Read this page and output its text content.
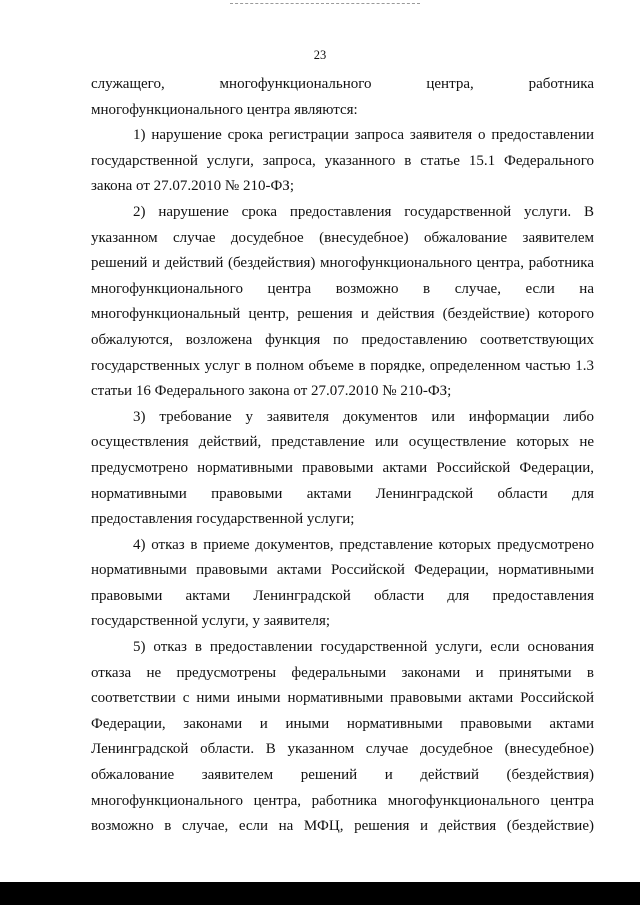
23

служащего, многофункционального центра, работника многофункционального центра являются:

1) нарушение срока регистрации запроса заявителя о предоставлении государственной услуги, запроса, указанного в статье 15.1 Федерального закона от 27.07.2010 № 210-ФЗ;

2) нарушение срока предоставления государственной услуги. В указанном случае досудебное (внесудебное) обжалование заявителем решений и действий (бездействия) многофункционального центра, работника многофункционального центра возможно в случае, если на многофункциональный центр, решения и действия (бездействие) которого обжалуются, возложена функция по предоставлению соответствующих государственных услуг в полном объеме в порядке, определенном частью 1.3 статьи 16 Федерального закона от 27.07.2010 № 210-ФЗ;

3) требование у заявителя документов или информации либо осуществления действий, представление или осуществление которых не предусмотрено нормативными правовыми актами Российской Федерации, нормативными правовыми актами Ленинградской области для предоставления государственной услуги;

4) отказ в приеме документов, представление которых предусмотрено нормативными правовыми актами Российской Федерации, нормативными правовыми актами Ленинградской области для предоставления государственной услуги, у заявителя;

5) отказ в предоставлении государственной услуги, если основания отказа не предусмотрены федеральными законами и принятыми в соответствии с ними иными нормативными правовыми актами Российской Федерации, законами и иными нормативными правовыми актами Ленинградской области. В указанном случае досудебное (внесудебное) обжалование заявителем решений и действий (бездействия) многофункционального центра, работника многофункционального центра возможно в случае, если на МФЦ, решения и действия (бездействие)
